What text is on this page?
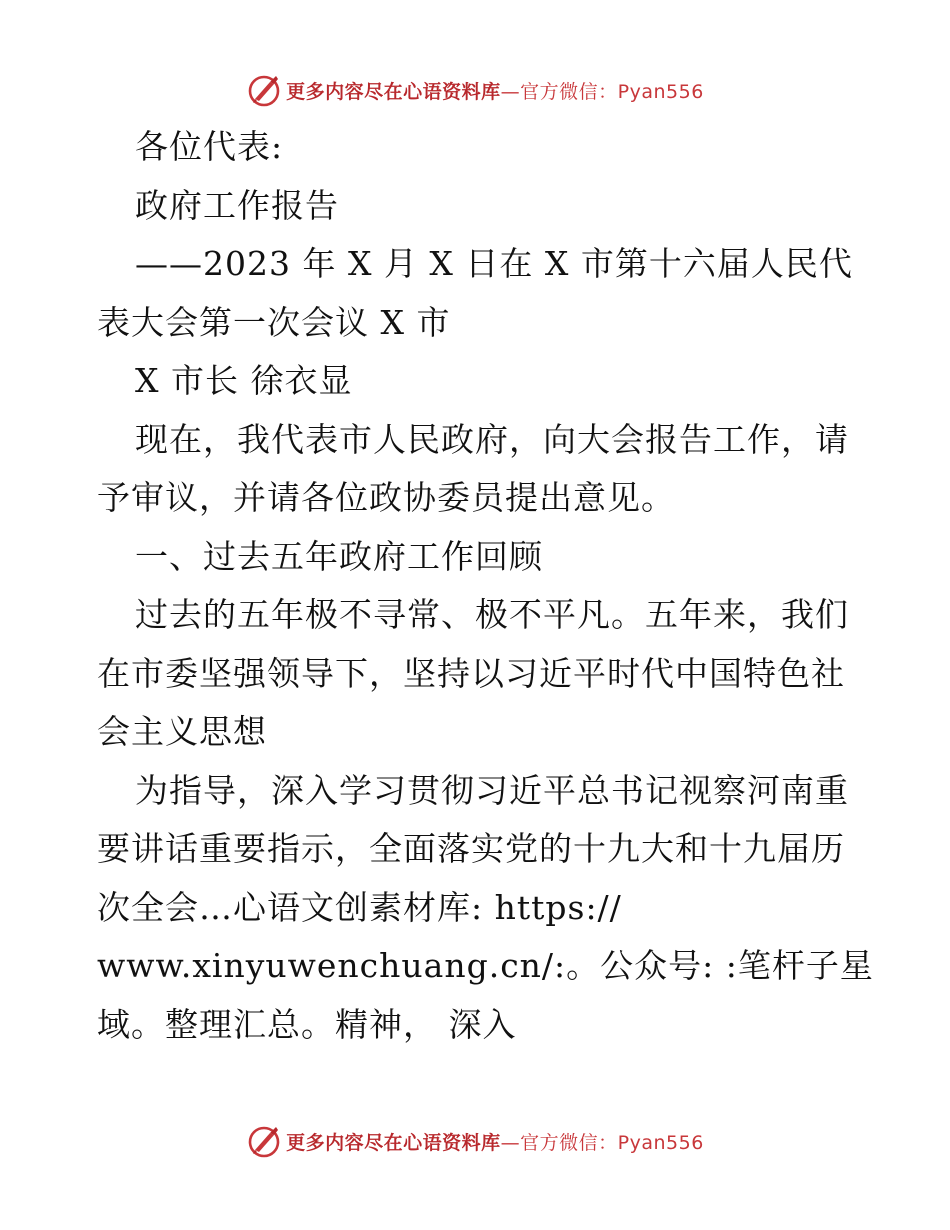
更多内容尽在心语资料库—官方微信：Pyan556
各位代表:
政府工作报告
——2023 年 X 月 X 日在 X 市第十六届人民代
表大会第一次会议 X 市
X 市长 徐衣显
现在，我代表市人民政府，向大会报告工作，请
予审议，并请各位政协委员提出意见。
一、过去五年政府工作回顾
过去的五年极不寻常、极不平凡。五年来，我们
在市委坚强领导下，坚持以习近平时代中国特色社
会主义思想
为指导，深入学习贯彻习近平总书记视察河南重
要讲话重要指示，全面落实党的十九大和十九届历
次全会…心语文创素材库: https://
www.xinyuwenchuang.cn/:。公众号: :笔杆子星
域。整理汇总。精神， 深入
更多内容尽在心语资料库—官方微信：Pyan556
